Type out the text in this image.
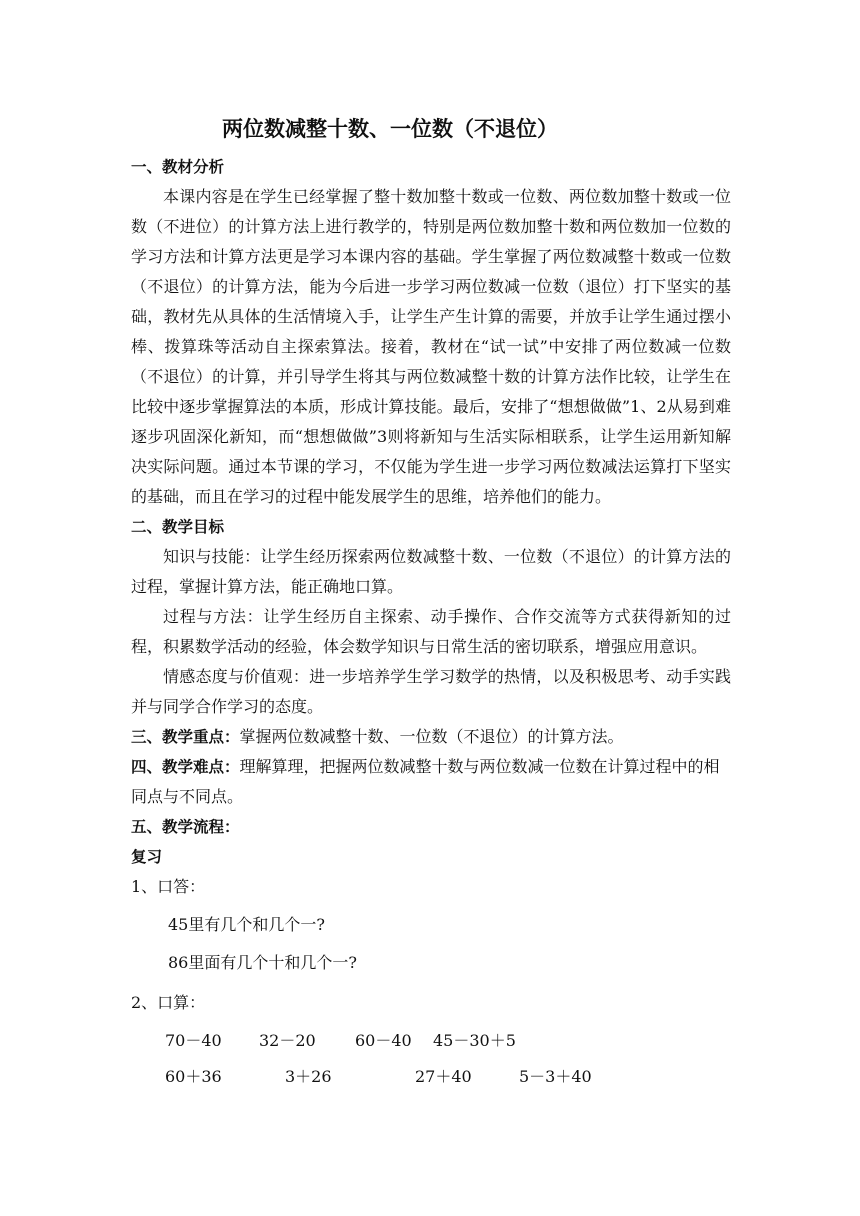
两位数减整十数、一位数（不退位）
一、教材分析

本课内容是在学生已经掌握了整十数加整十数或一位数、两位数加整十数或一位数（不进位）的计算方法上进行教学的，特别是两位数加整十数和两位数加一位数的学习方法和计算方法更是学习本课内容的基础。学生掌握了两位数减整十数或一位数（不退位）的计算方法，能为今后进一步学习两位数减一位数（退位）打下坚实的基础，教材先从具体的生活情境入手，让学生产生计算的需要，并放手让学生通过摆小棒、拨算珠等活动自主探索算法。接着，教材在“试一试”中安排了两位数减一位数（不退位）的计算，并引导学生将其与两位数减整十数的计算方法作比较，让学生在比较中逐步掌握算法的本质，形成计算技能。最后，安排了“想想做做”1、2从易到难逐步巩固深化新知，而“想想做做”3则将新知与生活实际相联系，让学生运用新知解决实际问题。通过本节课的学习，不仅能为学生进一步学习两位数减法运算打下坚实的基础，而且在学习的过程中能发展学生的思维，培养他们的能力。

二、教学目标

知识与技能：让学生经历探索两位数减整十数、一位数（不退位）的计算方法的过程，掌握计算方法，能正确地口算。

过程与方法：让学生经历自主探索、动手操作、合作交流等方式获得新知的过程，积累数学活动的经验，体会数学知识与日常生活的密切联系，增强应用意识。

情感态度与价值观：进一步培养学生学习数学的热情，以及积极思考、动手实践并与同学合作学习的态度。

三、教学重点：掌握两位数减整十数、一位数（不退位）的计算方法。

四、教学难点：理解算理，把握两位数减整十数与两位数减一位数在计算过程中的相同点与不同点。

五、教学流程：
复习
1、口答：
45里有几个和几个一?
86里面有几个十和几个一?
2、口算：
70－40 32－20 60－40 45－30＋5
60＋36	3＋26	27＋40	5－3＋40
